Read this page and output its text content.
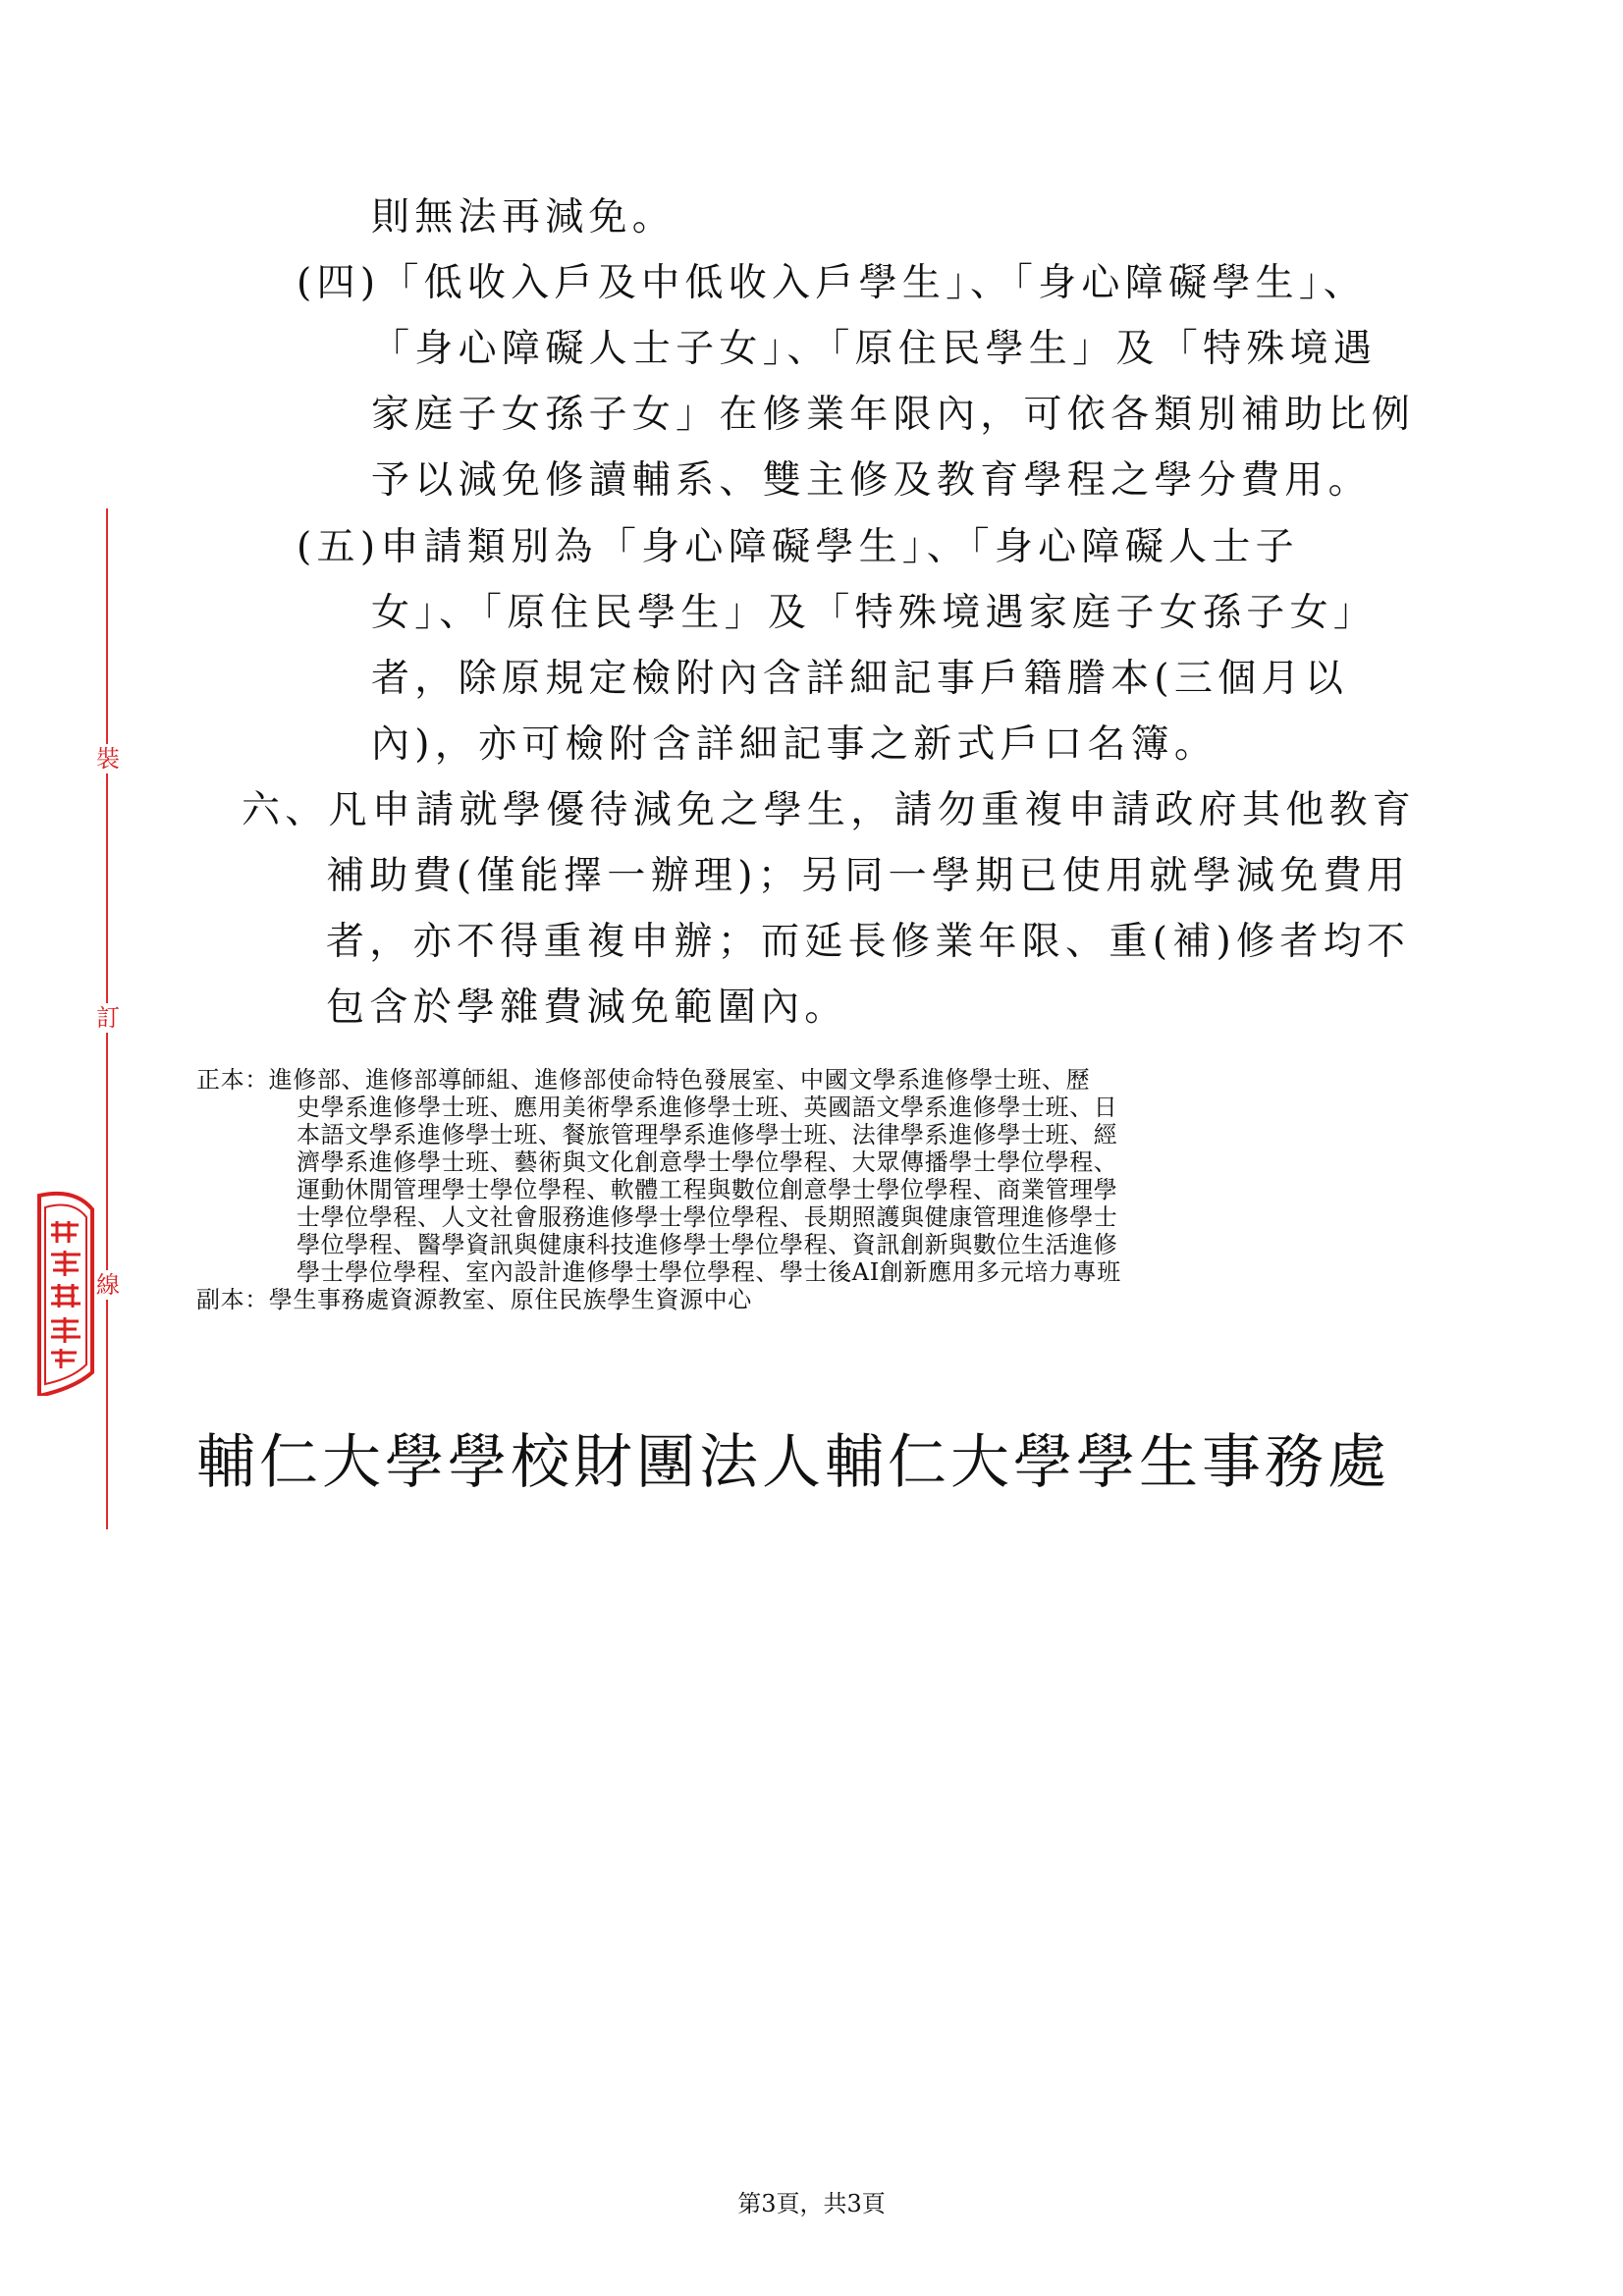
裝
訂
線
則無法再減免。
(四)「低收入戶及中低收入戶學生」、「身心障礙學生」、
「身心障礙人士子女」、「原住民學生」及「特殊境遇
家庭子女孫子女」在修業年限內，可依各類別補助比例
予以減免修讀輔系、雙主修及教育學程之學分費用。
(五)申請類別為「身心障礙學生」、「身心障礙人士子
女」、「原住民學生」及「特殊境遇家庭子女孫子女」
者，除原規定檢附內含詳細記事戶籍謄本(三個月以
內)，亦可檢附含詳細記事之新式戶口名簿。
六、凡申請就學優待減免之學生，請勿重複申請政府其他教育
補助費(僅能擇一辦理)；另同一學期已使用就學減免費用
者，亦不得重複申辦；而延長修業年限、重(補)修者均不
包含於學雜費減免範圍內。
正本：進修部、進修部導師組、進修部使命特色發展室、中國文學系進修學士班、歷
史學系進修學士班、應用美術學系進修學士班、英國語文學系進修學士班、日
本語文學系進修學士班、餐旅管理學系進修學士班、法律學系進修學士班、經
濟學系進修學士班、藝術與文化創意學士學位學程、大眾傳播學士學位學程、
運動休閒管理學士學位學程、軟體工程與數位創意學士學位學程、商業管理學
士學位學程、人文社會服務進修學士學位學程、長期照護與健康管理進修學士
學位學程、醫學資訊與健康科技進修學士學位學程、資訊創新與數位生活進修
學士學位學程、室內設計進修學士學位學程、學士後AI創新應用多元培力專班
副本：學生事務處資源教室、原住民族學生資源中心
輔仁大學學校財團法人輔仁大學學生事務處
第3頁，共3頁
